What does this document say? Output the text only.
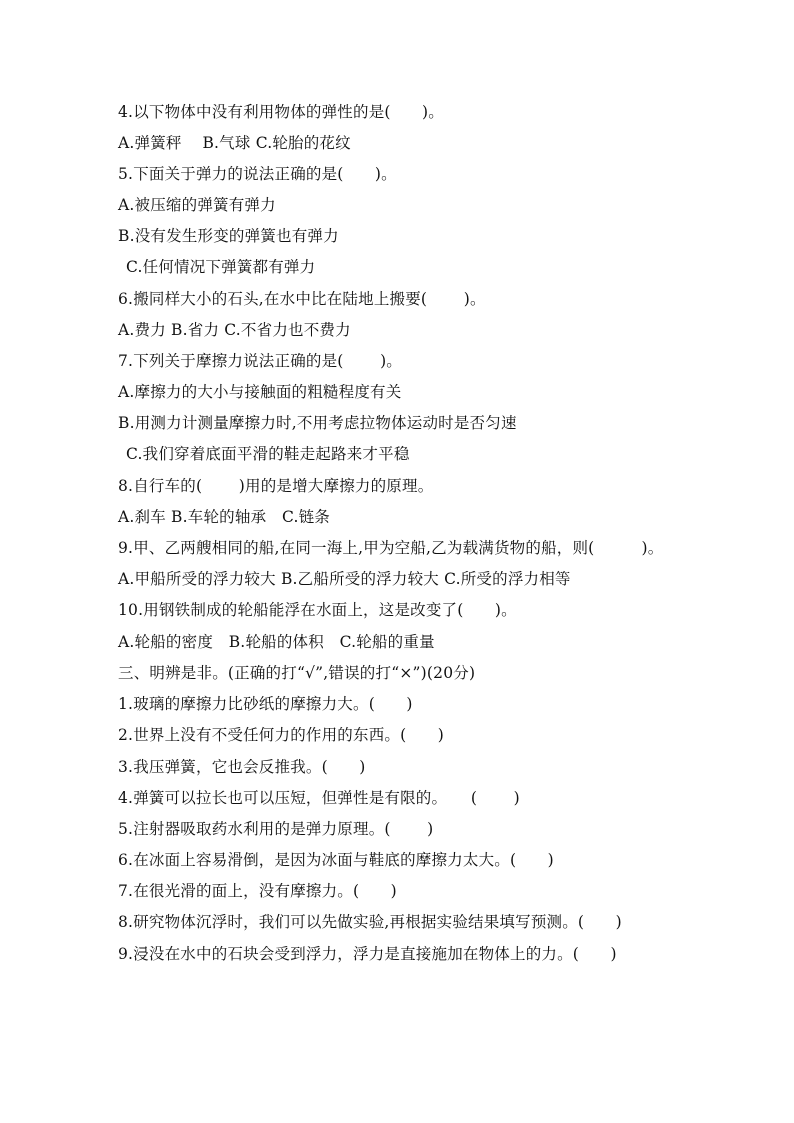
4.以下物体中没有利用物体的弹性的是(　　)。
A.弹簧秤　 B.气球 C.轮胎的花纹
5.下面关于弹力的说法正确的是(　　)。
A.被压缩的弹簧有弹力
B.没有发生形变的弹簧也有弹力
C.任何情况下弹簧都有弹力
6.搬同样大小的石头,在水中比在陆地上搬要(　　 )。
A.费力 B.省力 C.不省力也不费力
7.下列关于摩擦力说法正确的是(　　 )。
A.摩擦力的大小与接触面的粗糙程度有关
B.用测力计测量摩擦力时,不用考虑拉物体运动时是否匀速
C.我们穿着底面平滑的鞋走起路来才平稳
8.自行车的(　　 )用的是增大摩擦力的原理。
A.刹车 B.车轮的轴承　C.链条
9.甲、乙两艘相同的船,在同一海上,甲为空船,乙为载满货物的船，则(　　　)。
A.甲船所受的浮力较大 B.乙船所受的浮力较大 C.所受的浮力相等
10.用钢铁制成的轮船能浮在水面上，这是改变了(　　)。
A.轮船的密度　B.轮船的体积　C.轮船的重量
三、明辨是非。(正确的打“√”,错误的打“×”)(20分)
1.玻璃的摩擦力比砂纸的摩擦力大。(　　)
2.世界上没有不受任何力的作用的东西。(　　)
3.我压弹簧，它也会反推我。(　　)
4.弹簧可以拉长也可以压短，但弹性是有限的。　　(　　 )
5.注射器吸取药水利用的是弹力原理。(　　 )
6.在冰面上容易滑倒，是因为冰面与鞋底的摩擦力太大。(　　)
7.在很光滑的面上，没有摩擦力。(　　)
8.研究物体沉浮时，我们可以先做实验,再根据实验结果填写预测。(　　)
9.浸没在水中的石块会受到浮力，浮力是直接施加在物体上的力。(　　)
